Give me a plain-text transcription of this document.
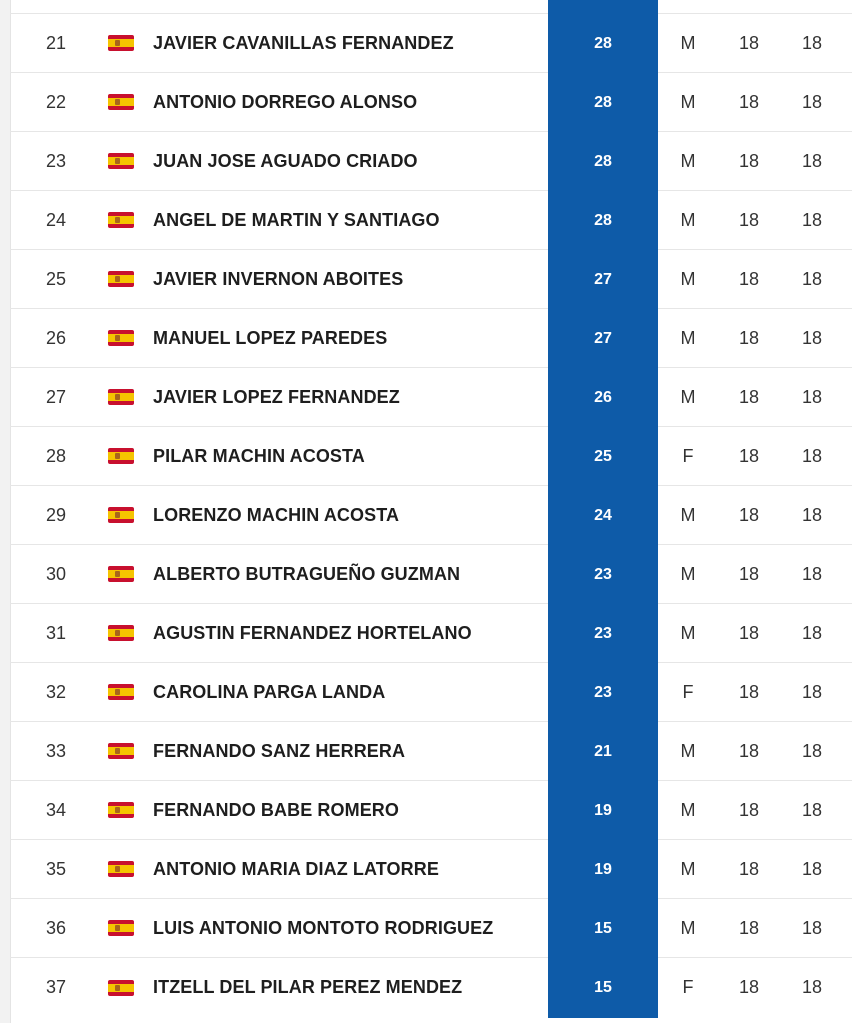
21	JAVIER CAVANILLAS FERNANDEZ	28	M	18	18
22	ANTONIO DORREGO ALONSO	28	M	18	18
23	JUAN JOSE AGUADO CRIADO	28	M	18	18
24	ANGEL DE MARTIN Y SANTIAGO	28	M	18	18
25	JAVIER INVERNON ABOITES	27	M	18	18
26	MANUEL LOPEZ PAREDES	27	M	18	18
27	JAVIER LOPEZ FERNANDEZ	26	M	18	18
28	PILAR MACHIN ACOSTA	25	F	18	18
29	LORENZO MACHIN ACOSTA	24	M	18	18
30	ALBERTO BUTRAGUEÑO GUZMAN	23	M	18	18
31	AGUSTIN FERNANDEZ HORTELANO	23	M	18	18
32	CAROLINA PARGA LANDA	23	F	18	18
33	FERNANDO SANZ HERRERA	21	M	18	18
34	FERNANDO BABE ROMERO	19	M	18	18
35	ANTONIO MARIA DIAZ LATORRE	19	M	18	18
36	LUIS ANTONIO MONTOTO RODRIGUEZ	15	M	18	18
37	ITZELL DEL PILAR PEREZ MENDEZ	15	F	18	18
